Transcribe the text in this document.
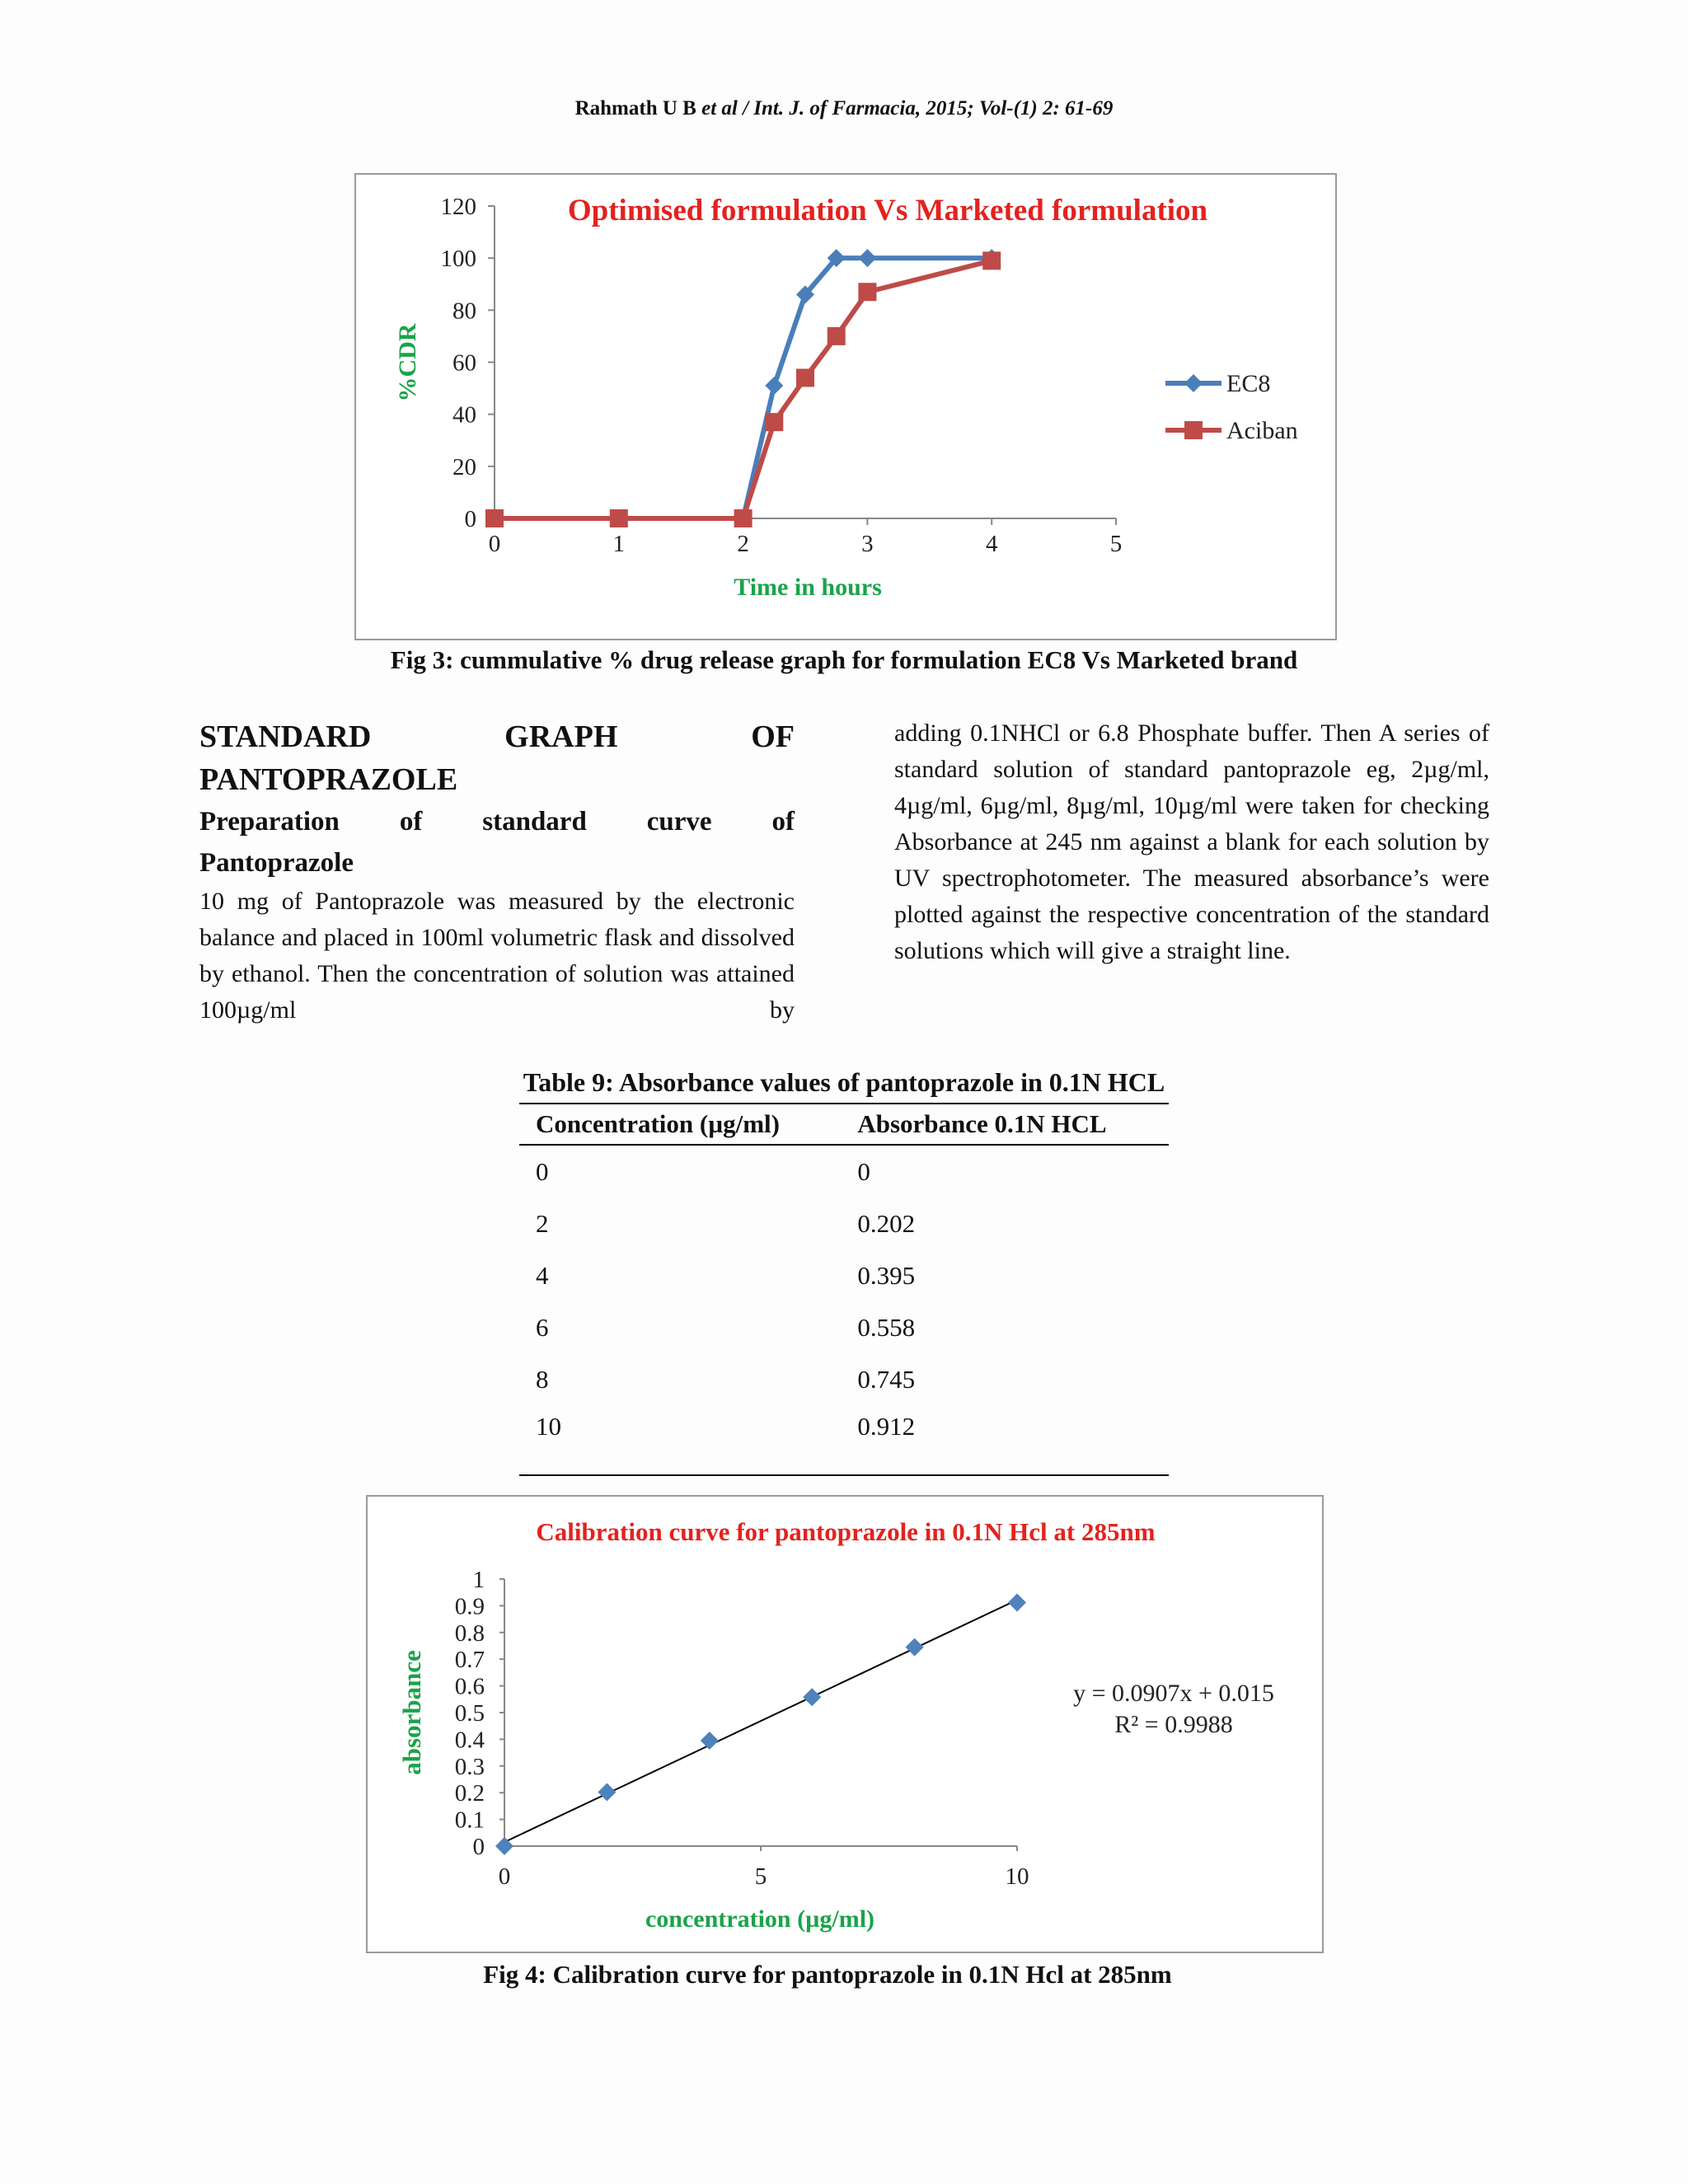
Rahmath U B et al / Int. J. of Farmacia, 2015; Vol-(1) 2: 61-69
0
20
40
60
80
100
120
0	1	2	3	4	5
Optimised formulation Vs Marketed formulation
Time in hours
%CDR	EC8
Aciban
Fig 3: cummulative % drug release graph for formulation EC8 Vs Marketed brand
STANDARD GRAPH OF
PANTOPRAZOLE
Preparation of standard curve of
Pantoprazole
10 mg of Pantoprazole was measured by the electronic balance and placed in 100ml volumetric flask and dissolved by ethanol. Then the concentration of solution was attained 100µg/ml by
adding 0.1NHCl or 6.8 Phosphate buffer. Then A series of standard solution of standard pantoprazole eg, 2µg/ml, 4µg/ml, 6µg/ml, 8µg/ml, 10µg/ml were taken for checking Absorbance at 245 nm against a blank for each solution by UV spectrophotometer. The measured absorbance’s were plotted against the respective concentration of the standard solutions which will give a straight line.
Table 9: Absorbance values of pantoprazole in 0.1N HCL
Concentration (µg/ml)	Absorbance 0.1N HCL
0	0
2	0.202
4	0.395
6	0.558
8	0.745
10	0.912
0
0.1
0.2
0.3
0.4
0.5
0.6
0.7
0.8
0.9
1
0	5	10
Calibration curve for pantoprazole in 0.1N Hcl at 285nm
concentration (µg/ml)
absorbance	y = 0.0907x + 0.015
R² = 0.9988
Fig 4: Calibration curve for pantoprazole in 0.1N Hcl at 285nm
